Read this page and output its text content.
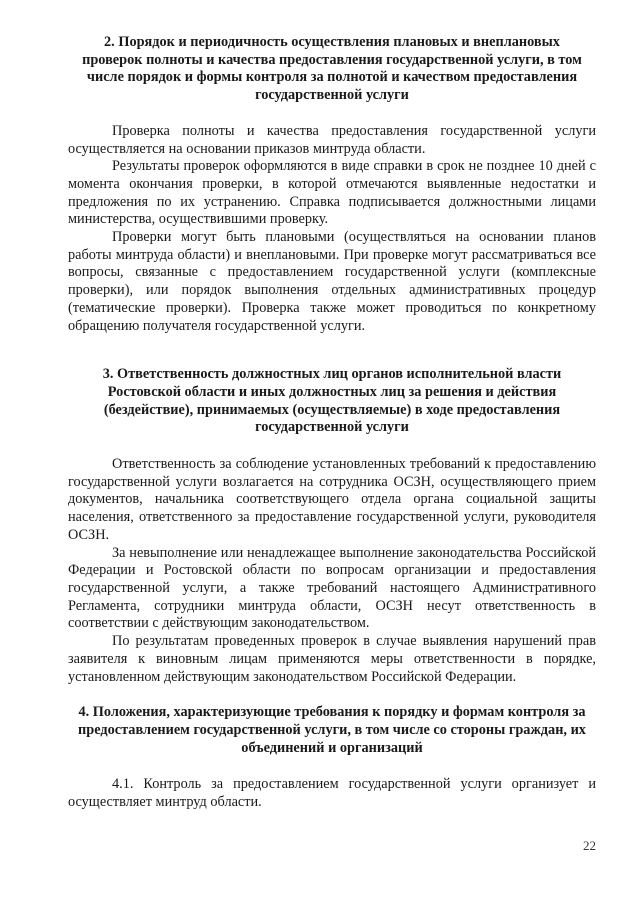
2. Порядок и периодичность осуществления плановых и внеплановых проверок полноты и качества предоставления государственной услуги, в том числе порядок и формы контроля за полнотой и качеством предоставления государственной услуги

Проверка полноты и качества предоставления государственной услуги осуществляется на основании приказов минтруда области.

Результаты проверок оформляются в виде справки в срок не позднее 10 дней с момента окончания проверки, в которой отмечаются выявленные недостатки и предложения по их устранению. Справка подписывается должностными лицами министерства, осуществившими проверку.

Проверки могут быть плановыми (осуществляться на основании планов работы минтруда области) и внеплановыми. При проверке могут рассматриваться все вопросы, связанные с предоставлением государственной услуги (комплексные проверки), или порядок выполнения отдельных административных процедур (тематические проверки). Проверка также может проводиться по конкретному обращению получателя государственной услуги.

3. Ответственность должностных лиц органов исполнительной власти Ростовской области и иных должностных лиц за решения и действия (бездействие), принимаемых (осуществляемые) в ходе предоставления государственной услуги

Ответственность за соблюдение установленных требований к предоставлению государственной услуги возлагается на сотрудника ОСЗН, осуществляющего прием документов, начальника соответствующего отдела органа социальной защиты населения, ответственного за предоставление государственной услуги, руководителя ОСЗН.

За невыполнение или ненадлежащее выполнение законодательства Российской Федерации и Ростовской области по вопросам организации и предоставления государственной услуги, а также требований настоящего Административного Регламента, сотрудники минтруда области, ОСЗН несут ответственность в соответствии с действующим законодательством.

По результатам проведенных проверок в случае выявления нарушений прав заявителя к виновным лицам применяются меры ответственности в порядке, установленном действующим законодательством Российской Федерации.

4. Положения, характеризующие требования к порядку и формам контроля за предоставлением государственной услуги, в том числе со стороны граждан, их объединений и организаций

4.1. Контроль за предоставлением государственной услуги организует и осуществляет минтруд области.

22
